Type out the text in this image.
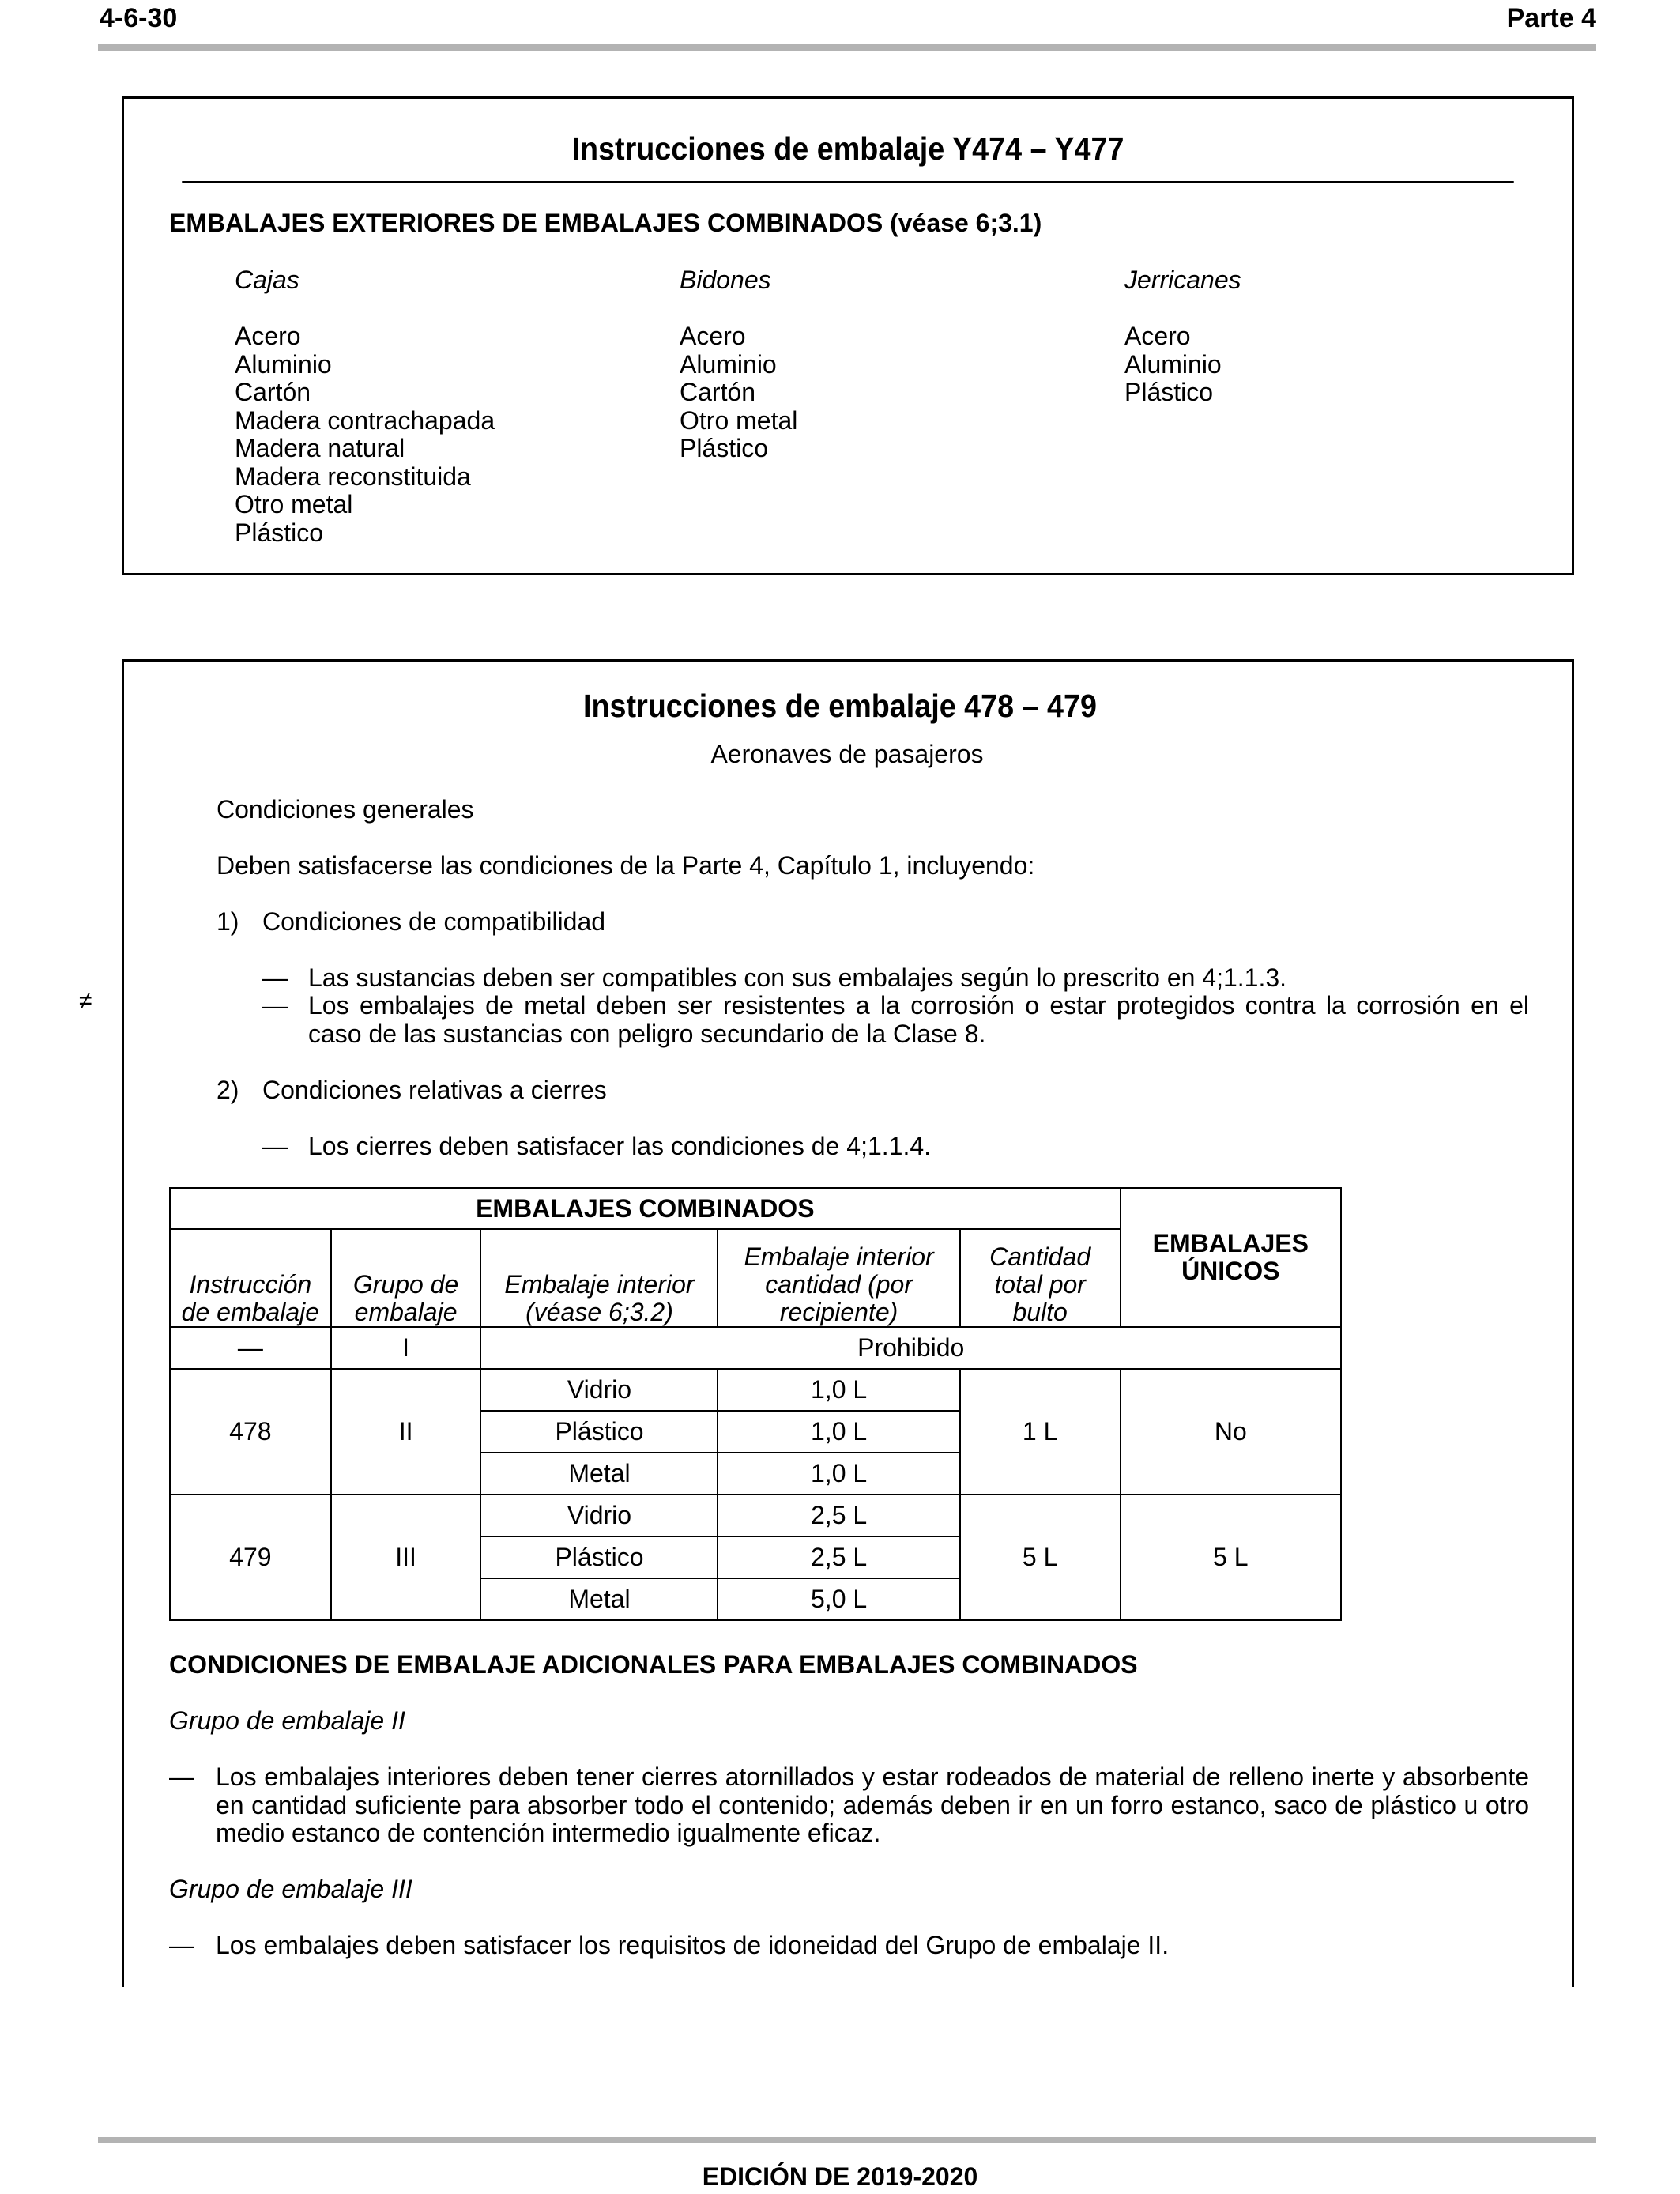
4-6-30	Parte 4
Instrucciones de embalaje Y474 – Y477
EMBALAJES EXTERIORES DE EMBALAJES COMBINADOS (véase 6;3.1)
Cajas
Acero
Aluminio
Cartón
Madera contrachapada
Madera natural
Madera reconstituida
Otro metal
Plástico
Bidones
Acero
Aluminio
Cartón
Otro metal
Plástico
Jerricanes
Acero
Aluminio
Plástico
Instrucciones de embalaje 478 – 479
Aeronaves de pasajeros
Condiciones generales
Deben satisfacerse las condiciones de la Parte 4, Capítulo 1, incluyendo:
1) Condiciones de compatibilidad
— Las sustancias deben ser compatibles con sus embalajes según lo prescrito en 4;1.1.3.
— Los embalajes de metal deben ser resistentes a la corrosión o estar protegidos contra la corrosión en el caso de las sustancias con peligro secundario de la Clase 8.
≠
2) Condiciones relativas a cierres
— Los cierres deben satisfacer las condiciones de 4;1.1.4.
EMBALAJES COMBINADOS					EMBALAJES ÚNICOS
Instrucción de embalaje	Grupo de embalaje	Embalaje interior (véase 6;3.2)	Embalaje interior cantidad (por recipiente)	Cantidad total por bulto	
—	I	Prohibido			
478	II	Vidrio	1,0 L	1 L	No
		Plástico	1,0 L		
		Metal	1,0 L		
479	III	Vidrio	2,5 L	5 L	5 L
		Plástico	2,5 L		
		Metal	5,0 L		
CONDICIONES DE EMBALAJE ADICIONALES PARA EMBALAJES COMBINADOS
Grupo de embalaje II
— Los embalajes interiores deben tener cierres atornillados y estar rodeados de material de relleno inerte y absorbente en cantidad suficiente para absorber todo el contenido; además deben ir en un forro estanco, saco de plástico u otro medio estanco de contención intermedio igualmente eficaz.
Grupo de embalaje III
— Los embalajes deben satisfacer los requisitos de idoneidad del Grupo de embalaje II.
EDICIÓN DE 2019-2020
